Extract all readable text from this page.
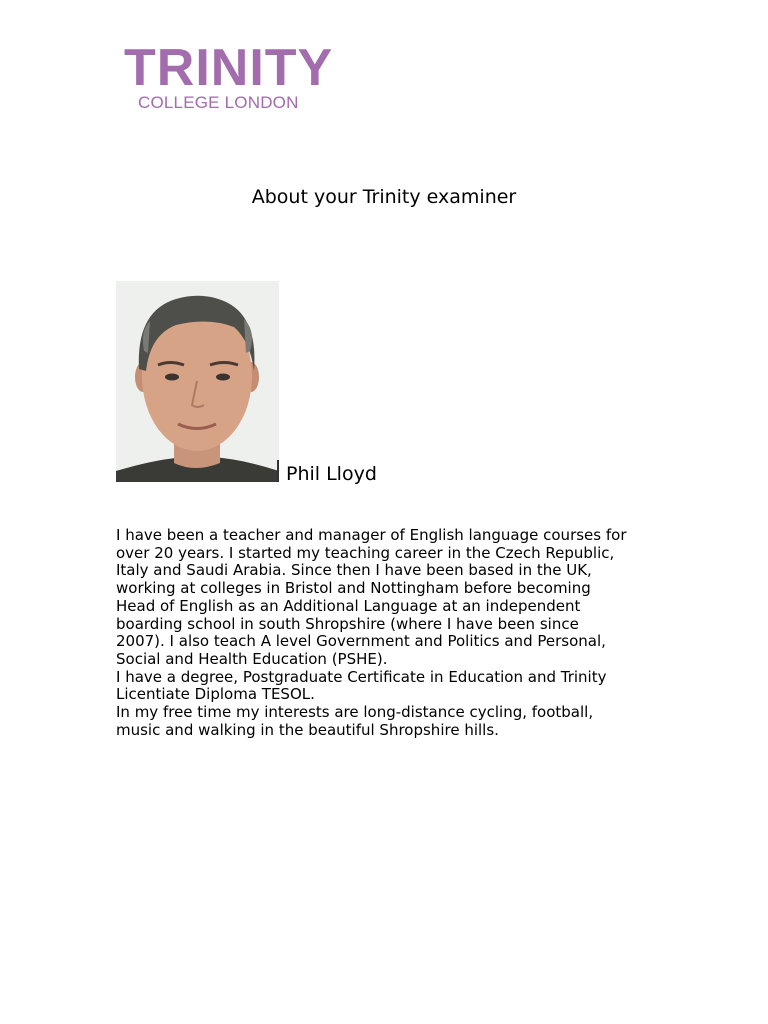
TRINITY
COLLEGE LONDON
About your Trinity examiner
Phil Lloyd
I have been a teacher and manager of English language courses for
over 20 years. I started my teaching career in the Czech Republic,
Italy and Saudi Arabia. Since then I have been based in the UK,
working at colleges in Bristol and Nottingham before becoming
Head of English as an Additional Language at an independent
boarding school in south Shropshire (where I have been since
2007). I also teach A level Government and Politics and Personal,
Social and Health Education (PSHE).
I have a degree, Postgraduate Certificate in Education and Trinity
Licentiate Diploma TESOL.
In my free time my interests are long-distance cycling, football,
music and walking in the beautiful Shropshire hills.
